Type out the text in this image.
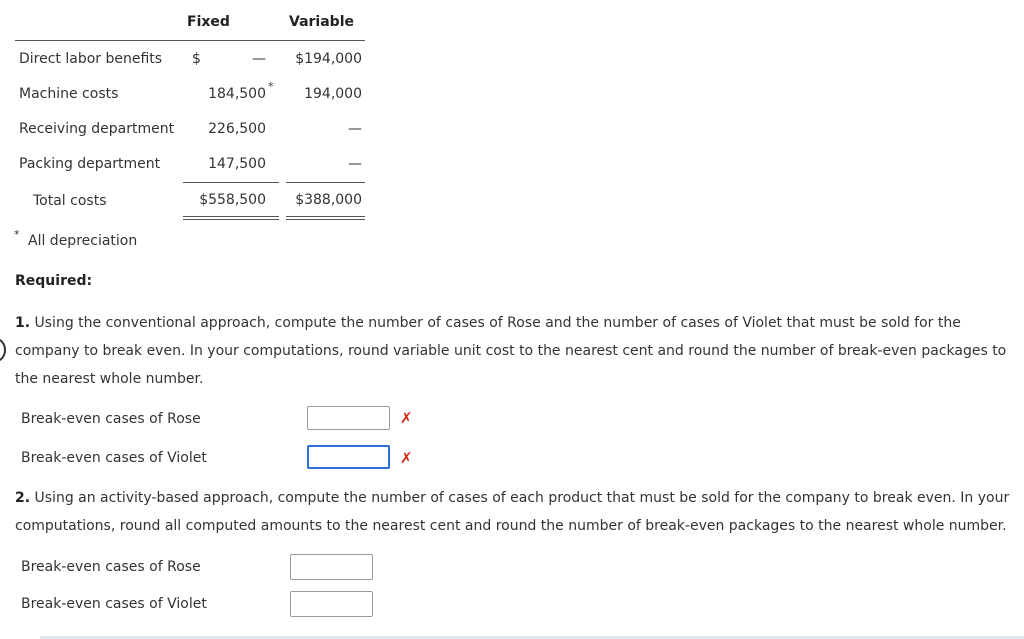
Fixed	Variable
Direct labor benefits $	—	$194,000
Machine costs	184,500 *	194,000
Receiving department	226,500	—
Packing department	147,500	—
Total costs	$558,500	$388,000
* All depreciation
Required:
1. Using the conventional approach, compute the number of cases of Rose and the number of cases of Violet that must be sold for the company to break even. In your computations, round variable unit cost to the nearest cent and round the number of break-even packages to the nearest whole number.
Break-even cases of Rose	✗
Break-even cases of Violet	✗
2. Using an activity-based approach, compute the number of cases of each product that must be sold for the company to break even. In your computations, round all computed amounts to the nearest cent and round the number of break-even packages to the nearest whole number.
Break-even cases of Rose
Break-even cases of Violet
